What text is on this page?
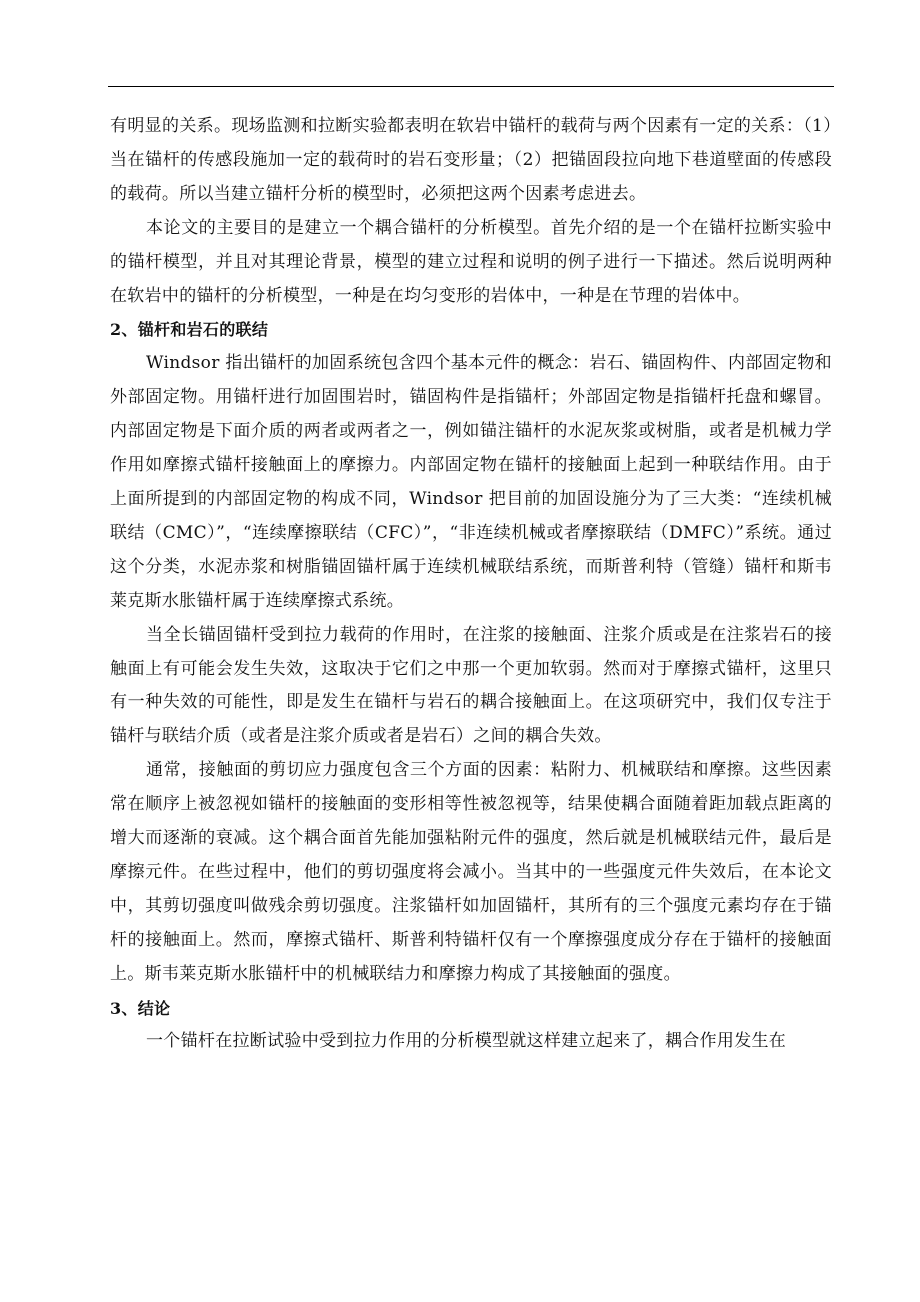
有明显的关系。现场监测和拉断实验都表明在软岩中锚杆的载荷与两个因素有一定的关系：（1）当在锚杆的传感段施加一定的载荷时的岩石变形量；（2）把锚固段拉向地下巷道壁面的传感段的载荷。所以当建立锚杆分析的模型时，必须把这两个因素考虑进去。

本论文的主要目的是建立一个耦合锚杆的分析模型。首先介绍的是一个在锚杆拉断实验中的锚杆模型，并且对其理论背景，模型的建立过程和说明的例子进行一下描述。然后说明两种在软岩中的锚杆的分析模型，一种是在均匀变形的岩体中，一种是在节理的岩体中。

2、锚杆和岩石的联结

Windsor 指出锚杆的加固系统包含四个基本元件的概念：岩石、锚固构件、内部固定物和外部固定物。用锚杆进行加固围岩时，锚固构件是指锚杆；外部固定物是指锚杆托盘和螺冒。内部固定物是下面介质的两者或两者之一，例如锚注锚杆的水泥灰浆或树脂，或者是机械力学作用如摩擦式锚杆接触面上的摩擦力。内部固定物在锚杆的接触面上起到一种联结作用。由于上面所提到的内部固定物的构成不同，Windsor 把目前的加固设施分为了三大类：“连续机械联结（CMC）”，“连续摩擦联结（CFC）”，“非连续机械或者摩擦联结（DMFC）”系统。通过这个分类，水泥赤浆和树脂锚固锚杆属于连续机械联结系统，而斯普利特（管缝）锚杆和斯韦莱克斯水胀锚杆属于连续摩擦式系统。

当全长锚固锚杆受到拉力载荷的作用时，在注浆的接触面、注浆介质或是在注浆岩石的接触面上有可能会发生失效，这取决于它们之中那一个更加软弱。然而对于摩擦式锚杆，这里只有一种失效的可能性，即是发生在锚杆与岩石的耦合接触面上。在这项研究中，我们仅专注于锚杆与联结介质（或者是注浆介质或者是岩石）之间的耦合失效。

通常，接触面的剪切应力强度包含三个方面的因素：粘附力、机械联结和摩擦。这些因素常在顺序上被忽视如锚杆的接触面的变形相等性被忽视等，结果使耦合面随着距加载点距离的增大而逐渐的衰减。这个耦合面首先能加强粘附元件的强度，然后就是机械联结元件，最后是摩擦元件。在些过程中，他们的剪切强度将会减小。当其中的一些强度元件失效后，在本论文中，其剪切强度叫做残余剪切强度。注浆锚杆如加固锚杆，其所有的三个强度元素均存在于锚杆的接触面上。然而，摩擦式锚杆、斯普利特锚杆仅有一个摩擦强度成分存在于锚杆的接触面上。斯韦莱克斯水胀锚杆中的机械联结力和摩擦力构成了其接触面的强度。

3、结论

一个锚杆在拉断试验中受到拉力作用的分析模型就这样建立起来了，耦合作用发生在
